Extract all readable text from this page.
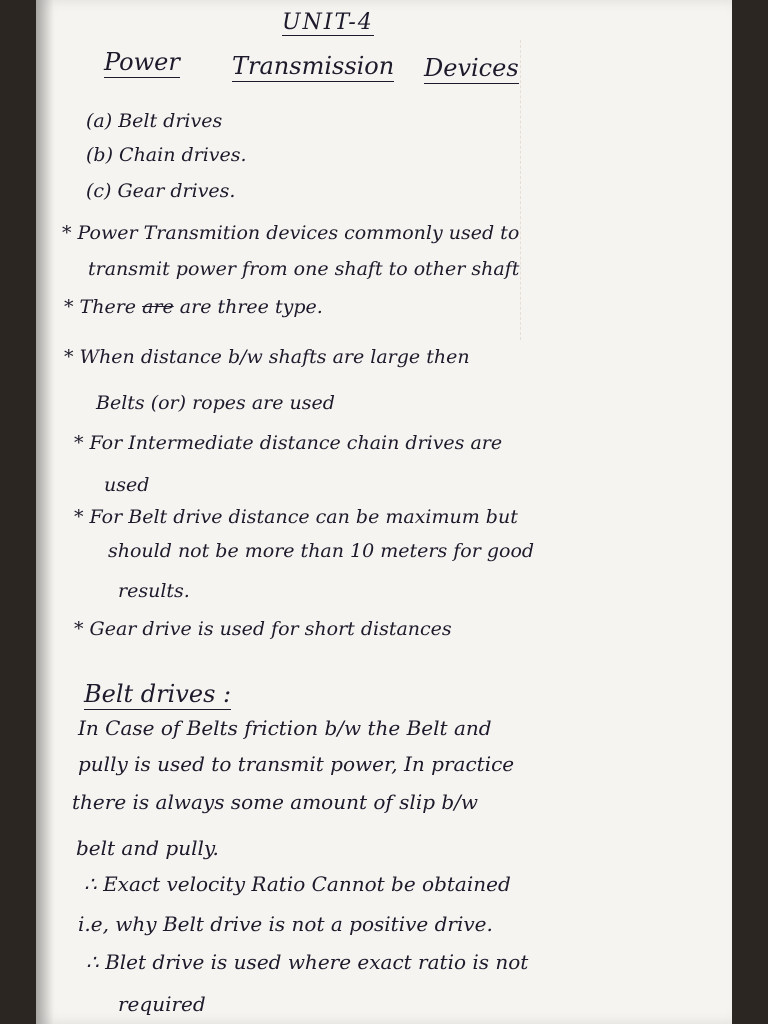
UNIT-4
Power Transmission Devices
(a) Belt drives
(b) Chain drives.
(c) Gear drives.
* Power Transmition devices commonly used to
transmit power from one shaft to other shaft
* There are are three type.
* When distance b/w shafts are large then
Belts (or) ropes are used
* For Intermediate distance chain drives are
used
* For Belt drive distance can be maximum but
should not be more than 10 meters for good
results.
* Gear drive is used for short distances
Belt drives :
In Case of Belts friction b/w the Belt and
pully is used to transmit power, In practice
there is always some amount of slip b/w
belt and pully.
∴ Exact velocity Ratio Cannot be obtained
i.e, why Belt drive is not a positive drive.
∴ Blet drive is used where exact ratio is not
required
